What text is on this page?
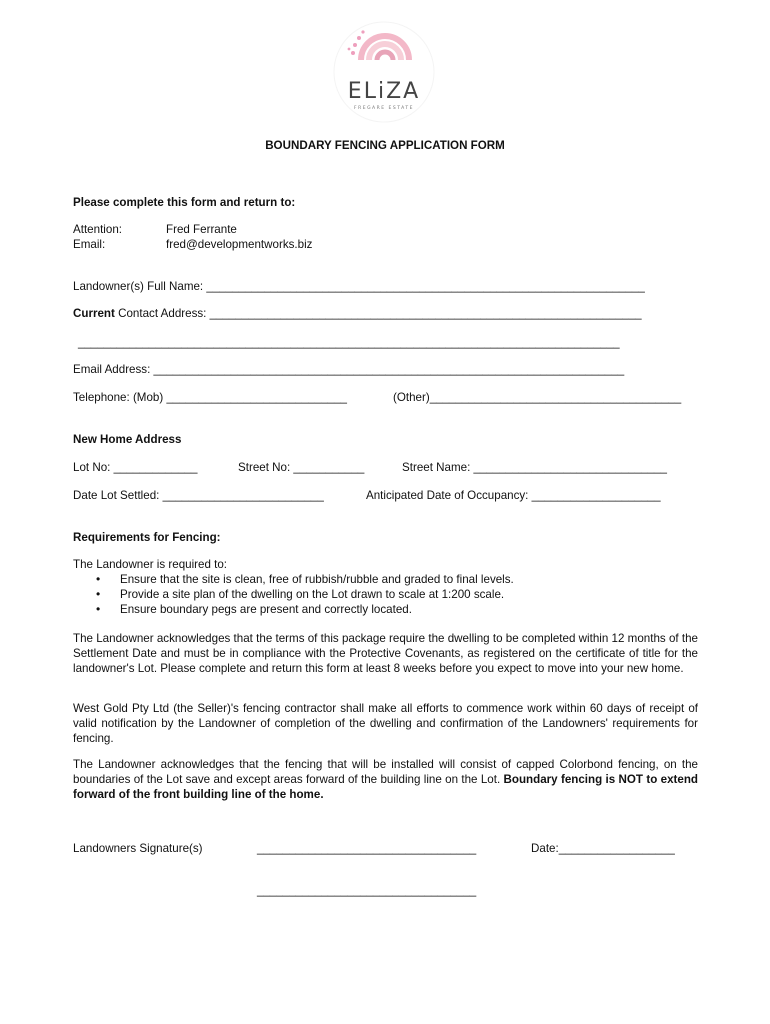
ELiZA
FREGARE ESTATE
BOUNDARY FENCING APPLICATION FORM
Please complete this form and return to:
Attention:	Fred Ferrante
Email:	fred@developmentworks.biz
Landowner(s) Full Name: ____________________________________________________________________
Current Contact Address: ___________________________________________________________________
____________________________________________________________________________________
Email Address: _________________________________________________________________________
Telephone: (Mob) ____________________________	(Other)_______________________________________
New Home Address
Lot No: _____________	Street No: ___________	Street Name: ______________________________
Date Lot Settled: _________________________	Anticipated Date of Occupancy: ____________________
Requirements for Fencing:
The Landowner is required to:
• Ensure that the site is clean, free of rubbish/rubble and graded to final levels.
• Provide a site plan of the dwelling on the Lot drawn to scale at 1:200 scale.
• Ensure boundary pegs are present and correctly located.
The Landowner acknowledges that the terms of this package require the dwelling to be completed within 12 months of the Settlement Date and must be in compliance with the Protective Covenants, as registered on the certificate of title for the landowner's Lot. Please complete and return this form at least 8 weeks before you expect to move into your new home.
West Gold Pty Ltd (the Seller)'s fencing contractor shall make all efforts to commence work within 60 days of receipt of valid notification by the Landowner of completion of the dwelling and confirmation of the Landowners' requirements for fencing.
The Landowner acknowledges that the fencing that will be installed will consist of capped Colorbond fencing, on the boundaries of the Lot save and except areas forward of the building line on the Lot. Boundary fencing is NOT to extend forward of the front building line of the home.
Landowners Signature(s)	__________________________________	Date:__________________
__________________________________
